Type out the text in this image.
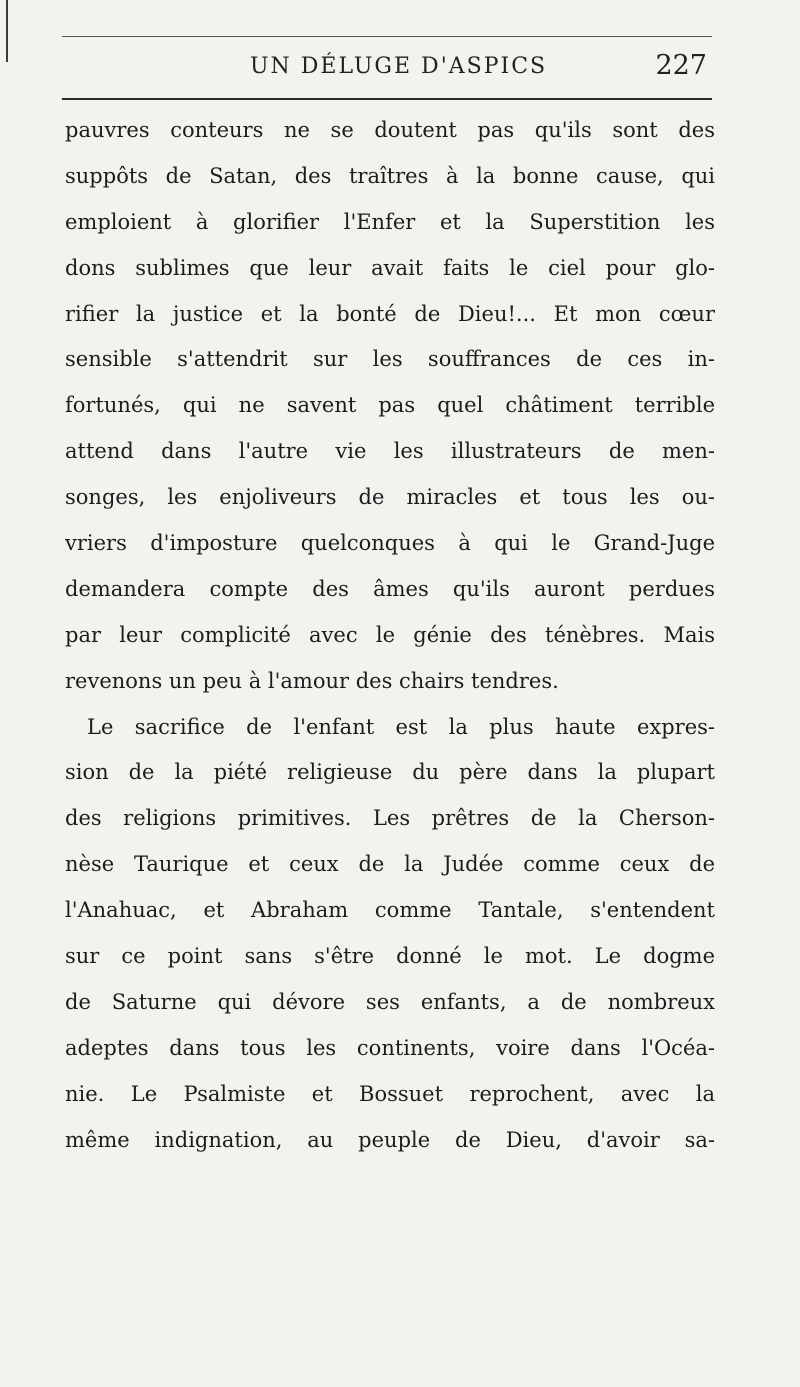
UN DÉLUGE D'ASPICS	227
pauvres conteurs ne se doutent pas qu'ils sont des
suppôts de Satan, des traîtres à la bonne cause, qui
emploient à glorifier l'Enfer et la Superstition les
dons sublimes que leur avait faits le ciel pour glo-
rifier la justice et la bonté de Dieu!... Et mon cœur
sensible s'attendrit sur les souffrances de ces in-
fortunés, qui ne savent pas quel châtiment terrible
attend dans l'autre vie les illustrateurs de men-
songes, les enjoliveurs de miracles et tous les ou-
vriers d'imposture quelconques à qui le Grand-Juge
demandera compte des âmes qu'ils auront perdues
par leur complicité avec le génie des ténèbres. Mais
revenons un peu à l'amour des chairs tendres.
Le sacrifice de l'enfant est la plus haute expres-
sion de la piété religieuse du père dans la plupart
des religions primitives. Les prêtres de la Cherson-
nèse Taurique et ceux de la Judée comme ceux de
l'Anahuac, et Abraham comme Tantale, s'entendent
sur ce point sans s'être donné le mot. Le dogme
de Saturne qui dévore ses enfants, a de nombreux
adeptes dans tous les continents, voire dans l'Océa-
nie. Le Psalmiste et Bossuet reprochent, avec la
même indignation, au peuple de Dieu, d'avoir sa-
